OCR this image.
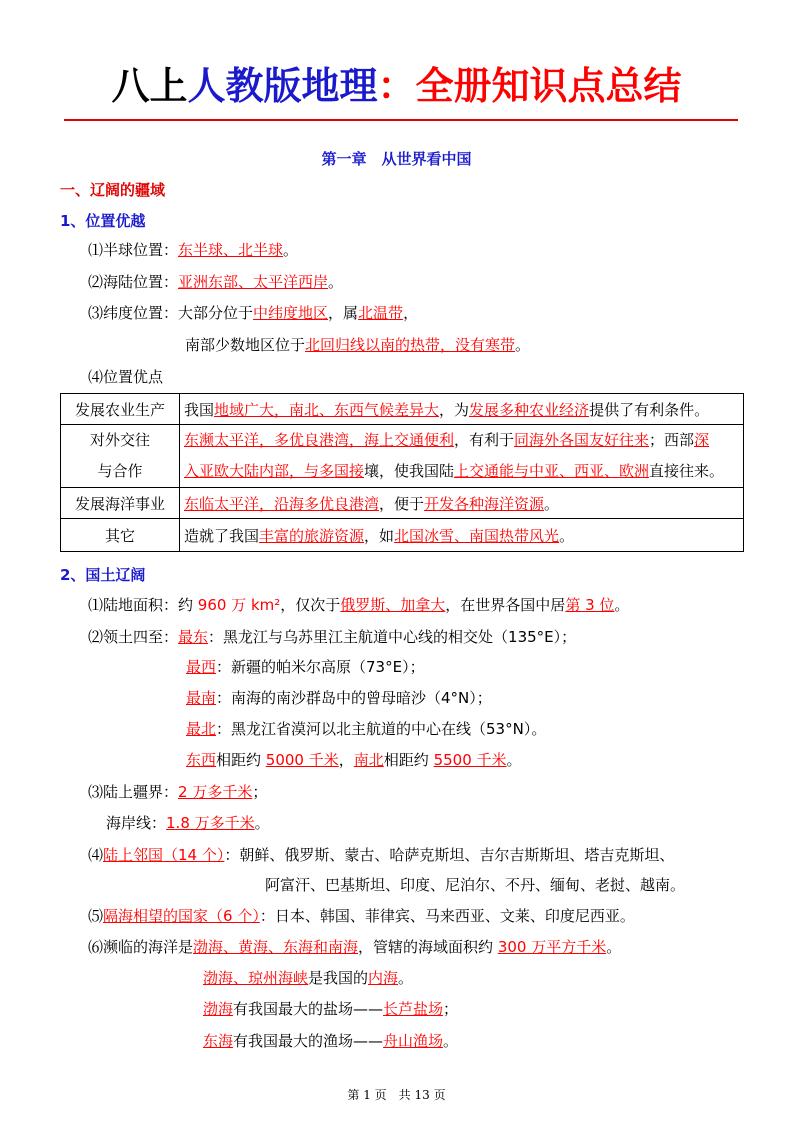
八上人教版地理：全册知识点总结
第一章　从世界看中国
一、辽阔的疆域
1、位置优越
⑴半球位置：东半球、北半球。
⑵海陆位置：亚洲东部、太平洋西岸。
⑶纬度位置：大部分位于中纬度地区，属北温带，
南部少数地区位于北回归线以南的热带，没有寒带。
⑷位置优点
发展农业生产	我国地域广大，南北、东西气候差异大，为发展多种农业经济提供了有利条件。
对外交往
与合作	东濒太平洋，多优良港湾，海上交通便利，有利于同海外各国友好往来；西部深
入亚欧大陆内部，与多国接壤，使我国陆上交通能与中亚、西亚、欧洲直接往来。
发展海洋事业	东临太平洋，沿海多优良港湾，便于开发各种海洋资源。
其它	造就了我国丰富的旅游资源，如北国冰雪、南国热带风光。
2、国土辽阔
⑴陆地面积：约 960 万 km²，仅次于俄罗斯、加拿大，在世界各国中居第 3 位。
⑵领土四至：最东：黑龙江与乌苏里江主航道中心线的相交处（135°E）；
最西：新疆的帕米尔高原（73°E）；
最南：南海的南沙群岛中的曾母暗沙（4°N）；
最北：黑龙江省漠河以北主航道的中心在线（53°N）。
东西相距约 5000 千米，南北相距约 5500 千米。
⑶陆上疆界：2 万多千米；
海岸线：1.8 万多千米。
⑷陆上邻国（14 个）：朝鲜、俄罗斯、蒙古、哈萨克斯坦、吉尔吉斯斯坦、塔吉克斯坦、
阿富汗、巴基斯坦、印度、尼泊尔、不丹、缅甸、老挝、越南。
⑸隔海相望的国家（6 个）：日本、韩国、菲律宾、马来西亚、文莱、印度尼西亚。
⑹濒临的海洋是渤海、黄海、东海和南海，管辖的海域面积约 300 万平方千米。
渤海、琼州海峡是我国的内海。
渤海有我国最大的盐场——长芦盐场；
东海有我国最大的渔场——舟山渔场。
第 1 页　共 13 页
